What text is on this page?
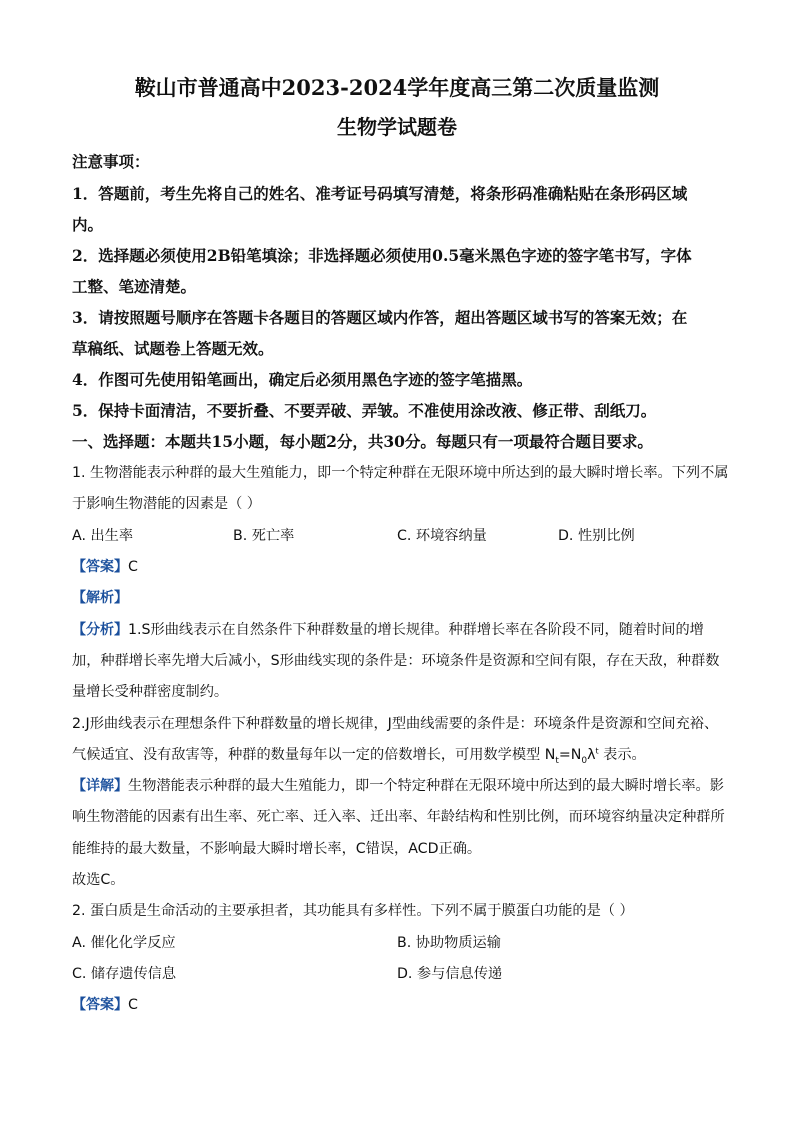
鞍山市普通高中2023-2024学年度高三第二次质量监测
生物学试题卷
注意事项：
1．答题前，考生先将自己的姓名、准考证号码填写清楚，将条形码准确粘贴在条形码区域
内。
2．选择题必须使用2B铅笔填涂；非选择题必须使用0.5毫米黑色字迹的签字笔书写，字体
工整、笔迹清楚。
3．请按照题号顺序在答题卡各题目的答题区域内作答，超出答题区域书写的答案无效；在
草稿纸、试题卷上答题无效。
4．作图可先使用铅笔画出，确定后必须用黑色字迹的签字笔描黑。
5．保持卡面清洁，不要折叠、不要弄破、弄皱。不准使用涂改液、修正带、刮纸刀。
一、选择题：本题共15小题，每小题2分，共30分。每题只有一项最符合题目要求。
1. 生物潜能表示种群的最大生殖能力，即一个特定种群在无限环境中所达到的最大瞬时增长率。下列不属
于影响生物潜能的因素是（ ）
A. 出生率	B. 死亡率	C. 环境容纳量	D. 性别比例
【答案】C
【解析】
【分析】1.S形曲线表示在自然条件下种群数量的增长规律。种群增长率在各阶段不同，随着时间的增
加，种群增长率先增大后减小，S形曲线实现的条件是：环境条件是资源和空间有限，存在天敌，种群数
量增长受种群密度制约。
2.J形曲线表示在理想条件下种群数量的增长规律，J型曲线需要的条件是：环境条件是资源和空间充裕、
气候适宜、没有敌害等，种群的数量每年以一定的倍数增长，可用数学模型 $N_t=N_0\lambda^t$ 表示。
【详解】生物潜能表示种群的最大生殖能力，即一个特定种群在无限环境中所达到的最大瞬时增长率。影
响生物潜能的因素有出生率、死亡率、迁入率、迁出率、年龄结构和性别比例，而环境容纳量决定种群所
能维持的最大数量，不影响最大瞬时增长率，C错误，ACD正确。
故选C。
2. 蛋白质是生命活动的主要承担者，其功能具有多样性。下列不属于膜蛋白功能的是（ ）
A. 催化化学反应	B. 协助物质运输
C. 储存遗传信息	D. 参与信息传递
【答案】C
